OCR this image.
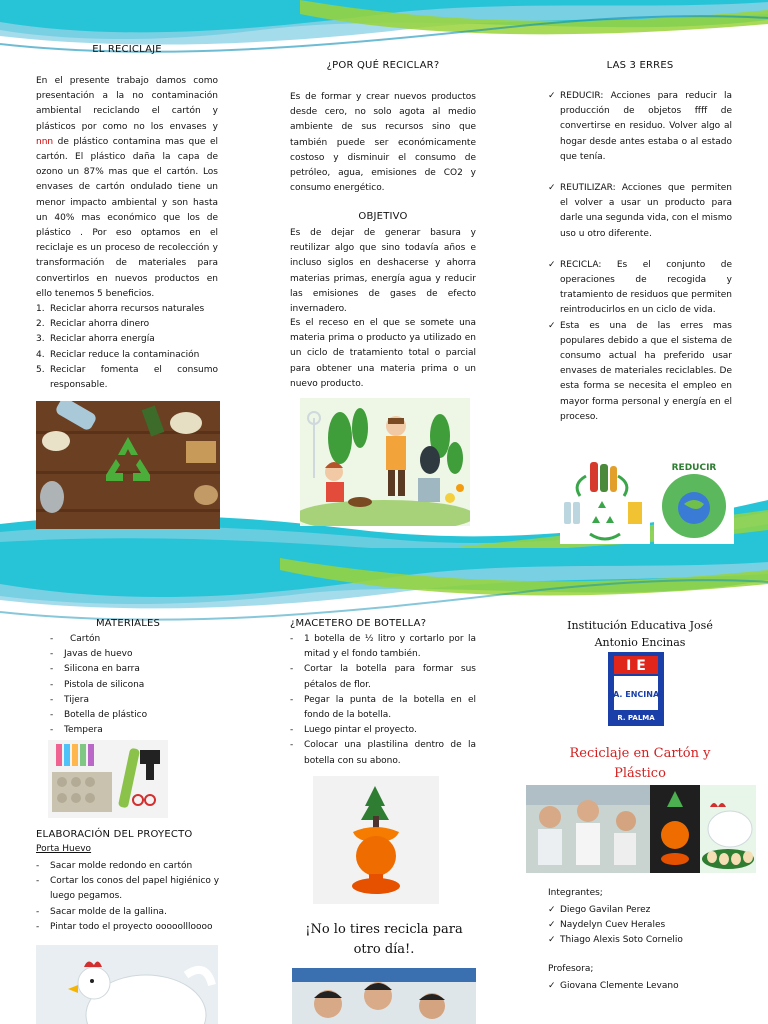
EL RECICLAJE
En el presente trabajo damos como presentación a la no contaminación ambiental reciclando el cartón y plásticos por como no los envases y nnn de plástico contamina mas que el cartón. El plástico daña la capa de ozono un 87% mas que el cartón. Los envases de cartón ondulado tiene un menor impacto ambiental y son hasta un 40% mas económico que los de plástico . Por eso optamos en el reciclaje es un proceso de recolección y transformación de materiales para convertirlos en nuevos productos en ello tenemos 5 beneficios.
1. Reciclar ahorra recursos naturales
2. Reciclar ahorra dinero
3. Reciclar ahorra energía
4. Reciclar reduce la contaminación
5. Reciclar fomenta el consumo responsable.
¿POR QUÉ RECICLAR?
Es de formar y crear nuevos productos desde cero, no solo agota al medio ambiente de sus recursos sino que también puede ser económicamente costoso y disminuir el consumo de petróleo, agua, emisiones de CO2 y consumo energético.
OBJETIVO
Es de dejar de generar basura y reutilizar algo que sino todavía años e incluso siglos en deshacerse y ahorra materias primas, energía agua y reducir las emisiones de gases de efecto invernadero.
Es el receso en el que se somete una materia prima o producto ya utilizado en un ciclo de tratamiento total o parcial para obtener una materia prima o un nuevo producto.
LAS 3 ERRES
✓ REDUCIR: Acciones para reducir la producción de objetos ffff de convertirse en residuo. Volver algo al hogar desde antes estaba o al estado que tenía.
✓ REUTILIZAR: Acciones que permiten el volver a usar un producto para darle una segunda vida, con el mismo uso u otro diferente.
✓ RECICLA: Es el conjunto de operaciones de recogida y tratamiento de residuos que permiten reintroducirlos en un ciclo de vida.
✓ Esta es una de las erres mas populares debido a que el sistema de consumo actual ha preferido usar envases de materiales reciclables. De esta forma se necesita el empleo en mayor forma personal y energía en el proceso.
REDUCIR
MATERIALES
- Cartón
- Javas de huevo
- Silicona en barra
- Pistola de silicona
- Tijera
- Botella de plástico
- Tempera
ELABORACIÓN DEL PROYECTO
Porta Huevo
- Sacar molde redondo en cartón
- Cortar los conos del papel higiénico y luego pegamos.
- Sacar molde de la gallina.
- Pintar todo el proyecto ooooollloooo
¿MACETERO DE BOTELLA?
- 1 botella de ½ litro y cortarlo por la mitad y el fondo también.
- Cortar la botella para formar sus pétalos de flor.
- Pegar la punta de la botella en el fondo de la botella.
- Luego pintar el proyecto.
- Colocar una plastilina dentro de la botella con su abono.
¡No lo tires recicla para otro día!.
Institución Educativa José Antonio Encinas
I E
J.A. ENCINAS
R. PALMA
Reciclaje en Cartón y Plástico
Integrantes;
✓ Diego Gavilan Perez
✓ Naydelyn Cuev Herales
✓ Thiago Alexis Soto Cornelio
Profesora;
✓ Giovana Clemente Levano
